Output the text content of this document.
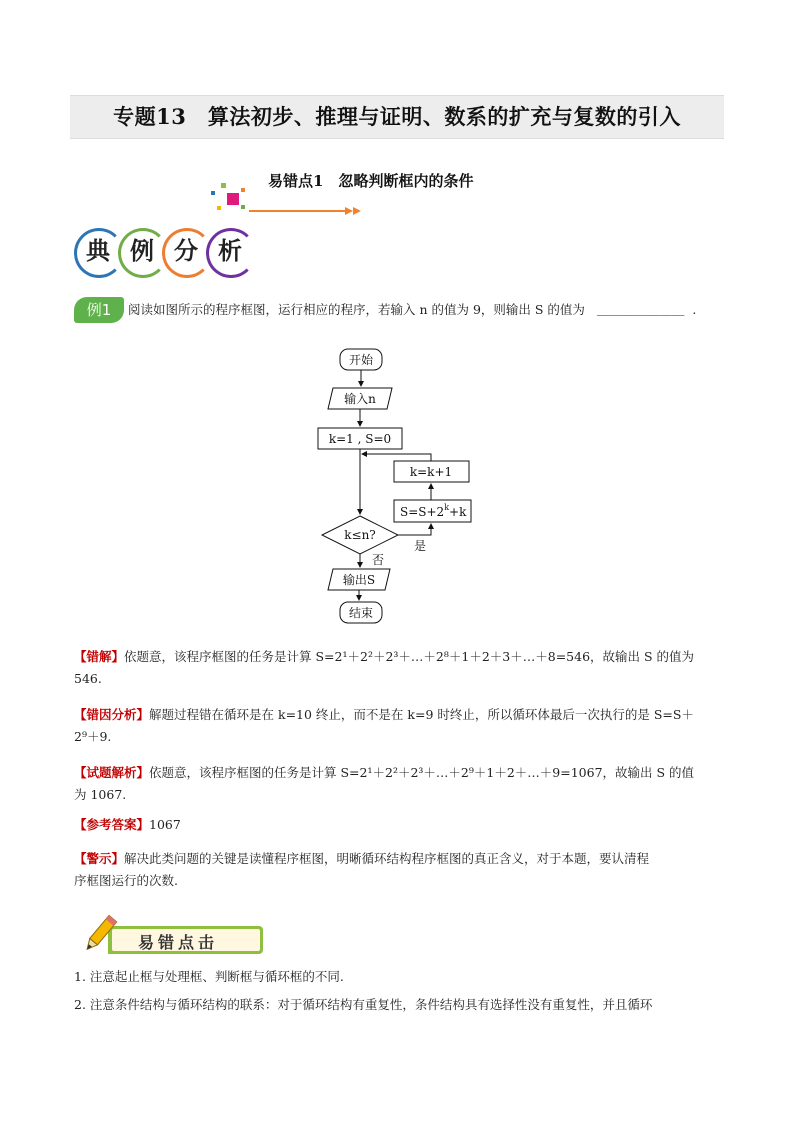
专题13　算法初步、推理与证明、数系的扩充与复数的引入
易错点1　忽略判断框内的条件
典 例 分 析
例1	阅读如图所示的程序框图，运行相应的程序，若输入 n 的值为 9，则输出 S 的值为 ＿＿＿＿＿＿＿ .
开始
输入n
k=1 , S=0
k=k+1
$S=S+2^k+k$
k≤n?
是
否
输出S
结束
【错解】依题意，该程序框图的任务是计算 S=2¹＋2²＋2³＋…＋2⁸＋1＋2＋3＋…＋8=546，故输出 S 的值为
546.
【错因分析】解题过程错在循环是在 k=10 终止，而不是在 k=9 时终止，所以循环体最后一次执行的是 S=S＋
2⁹＋9.
【试题解析】依题意，该程序框图的任务是计算 S=2¹＋2²＋2³＋…＋2⁹＋1＋2＋…＋9=1067，故输出 S 的值
为 1067.
【参考答案】1067
【警示】解决此类问题的关键是读懂程序框图，明晰循环结构程序框图的真正含义，对于本题，要认清程
序框图运行的次数.
易错点击
1. 注意起止框与处理框、判断框与循环框的不同.
2. 注意条件结构与循环结构的联系：对于循环结构有重复性，条件结构具有选择性没有重复性，并且循环
